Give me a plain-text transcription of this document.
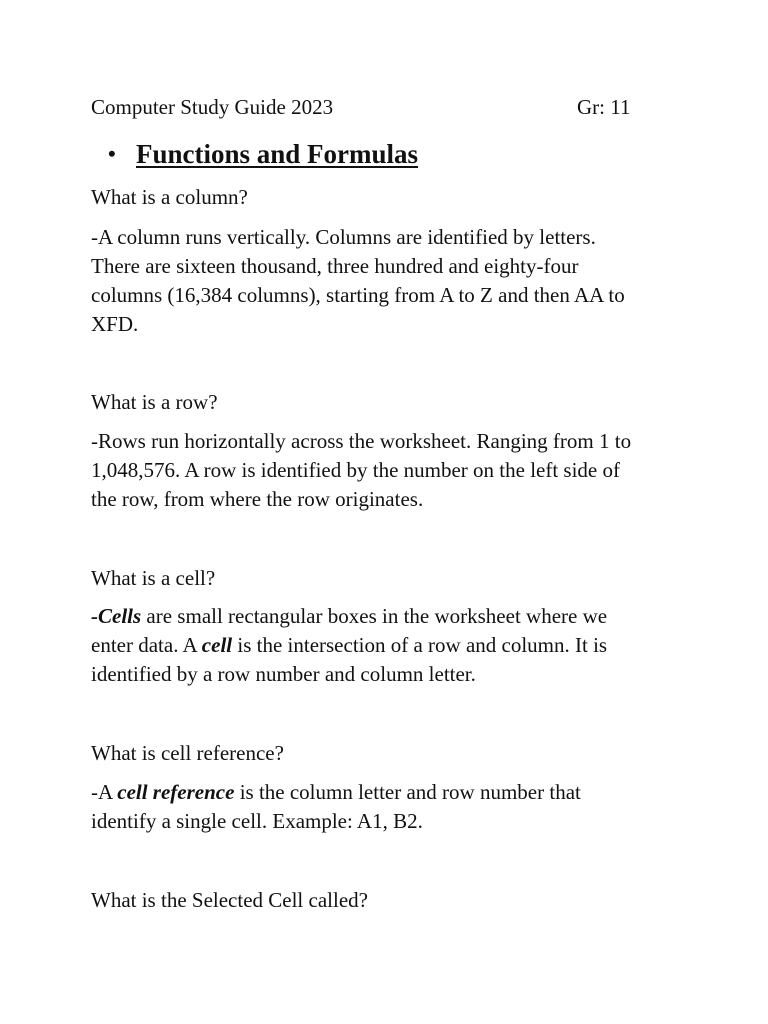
Computer Study Guide 2023	Gr: 11
• Functions and Formulas
What is a column?
-A column runs vertically. Columns are identified by letters.
There are sixteen thousand, three hundred and eighty-four
columns (16,384 columns), starting from A to Z and then AA to
XFD.
What is a row?
-Rows run horizontally across the worksheet. Ranging from 1 to
1,048,576. A row is identified by the number on the left side of
the row, from where the row originates.
What is a cell?
-Cells are small rectangular boxes in the worksheet where we
enter data. A cell is the intersection of a row and column. It is
identified by a row number and column letter.
What is cell reference?
-A cell reference is the column letter and row number that
identify a single cell. Example: A1, B2.
What is the Selected Cell called?
